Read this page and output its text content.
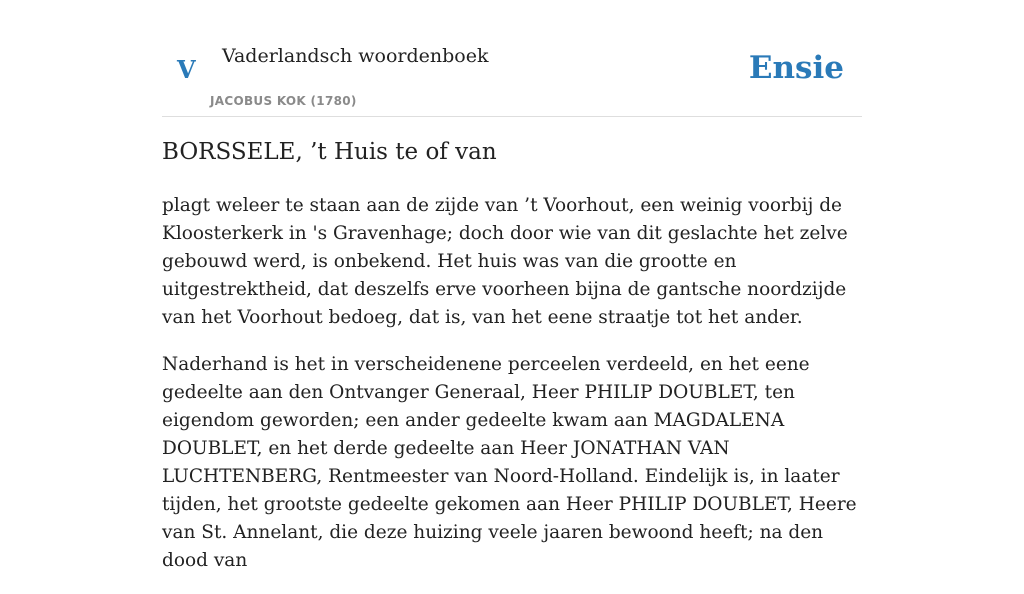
V Vaderlandsch woordenboek
JACOBUS KOK (1780)
Ensie
BORSSELE, ’t Huis te of van

plagt weleer te staan aan de zijde van ’t Voorhout, een weinig voorbij de Kloosterkerk in 's Gravenhage; doch door wie van dit geslachte het zelve gebouwd werd, is onbekend. Het huis was van die grootte en uitgestrektheid, dat deszelfs erve voorheen bijna de gantsche noordzijde van het Voorhout bedoeg, dat is, van het eene straatje tot het ander.

Naderhand is het in verscheidenene perceelen verdeeld, en het eene gedeelte aan den Ontvanger Generaal, Heer PHILIP DOUBLET, ten eigendom geworden; een ander gedeelte kwam aan MAGDALENA DOUBLET, en het derde gedeelte aan Heer JONATHAN VAN LUCHTENBERG, Rentmeester van Noord-Holland. Eindelijk is, in laater tijden, het grootste gedeelte gekomen aan Heer PHILIP DOUBLET, Heere van St. Annelant, die deze huizing veele jaaren bewoond heeft; na den dood van
